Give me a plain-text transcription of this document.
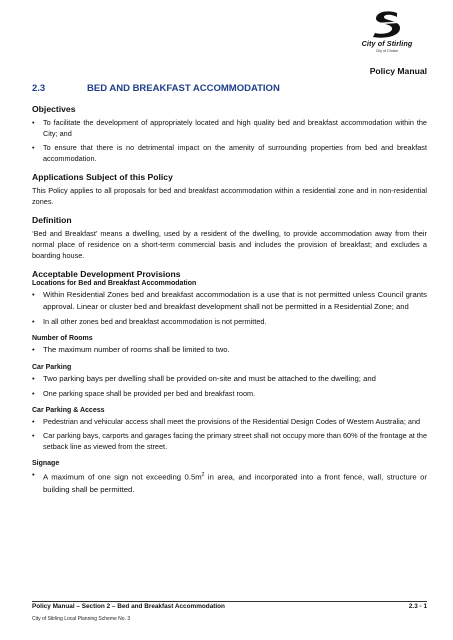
City of Stirling
City of Choice
Policy Manual
2.3	BED AND BREAKFAST ACCOMMODATION
Objectives
• To facilitate the development of appropriately located and high quality bed and breakfast accommodation within the City; and
• To ensure that there is no detrimental impact on the amenity of surrounding properties from bed and breakfast accommodation.
Applications Subject of this Policy

This Policy applies to all proposals for bed and breakfast accommodation within a residential zone and in non-residential zones.

Definition

‘Bed and Breakfast’ means a dwelling, used by a resident of the dwelling, to provide accommodation away from their normal place of residence on a short-term commercial basis and includes the provision of breakfast; and excludes a boarding house.

Acceptable Development Provisions
Locations for Bed and Breakfast Accommodation
• Within Residential Zones bed and breakfast accommodation is a use that is not permitted unless Council grants approval. Linear or cluster bed and breakfast development shall not be permitted in a Residential Zone; and
• In all other zones bed and breakfast accommodation is not permitted.
Number of Rooms
• The maximum number of rooms shall be limited to two.
Car Parking
• Two parking bays per dwelling shall be provided on-site and must be attached to the dwelling; and
• One parking space shall be provided per bed and breakfast room.
Car Parking & Access
• Pedestrian and vehicular access shall meet the provisions of the Residential Design Codes of Western Australia; and
• Car parking bays, carports and garages facing the primary street shall not occupy more than 60% of the frontage at the setback line as viewed from the street.
Signage
• A maximum of one sign not exceeding $0.5m^2$ in area, and incorporated into a front fence, wall, structure or building shall be permitted.
Policy Manual – Section 2 – Bed and Breakfast Accommodation	2.3 - 1
City of Stirling Local Planning Scheme No. 3
